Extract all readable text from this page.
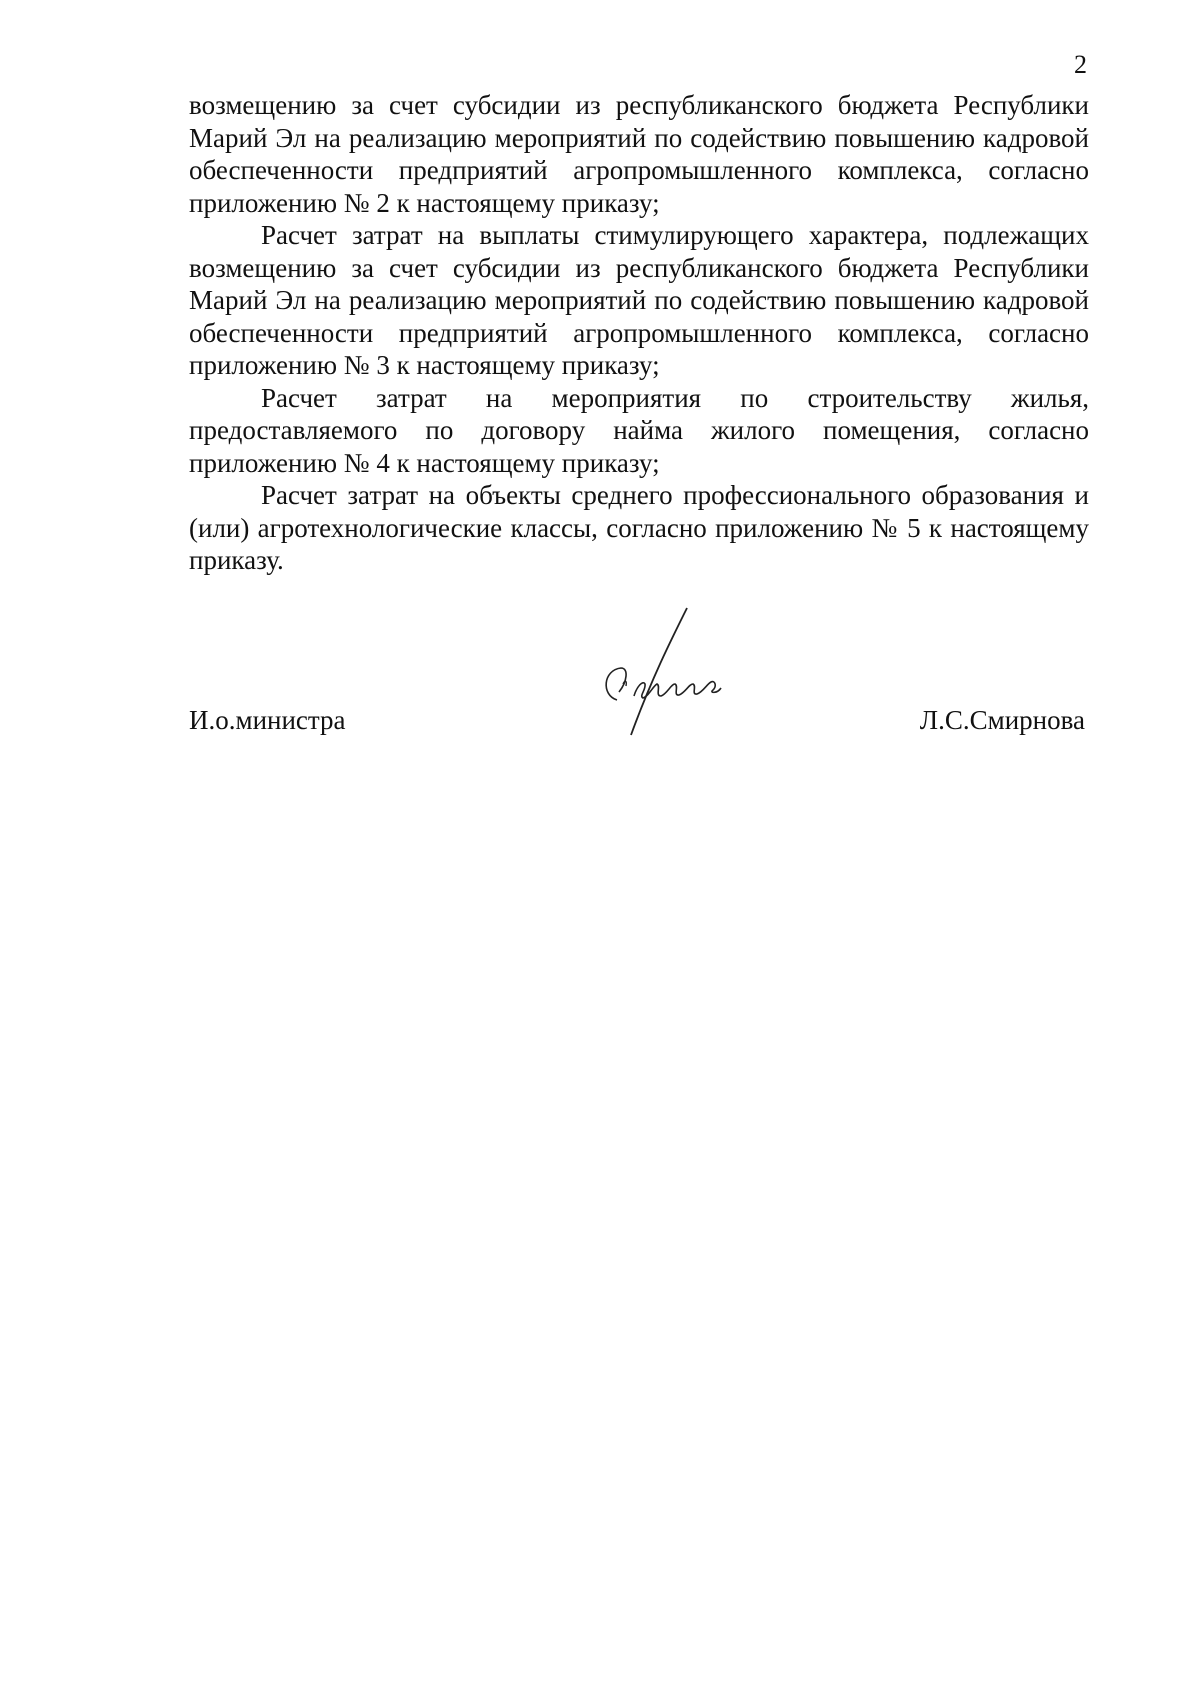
2

возмещению за счет субсидии из республиканского бюджета Республики Марий Эл на реализацию мероприятий по содействию повышению кадровой обеспеченности предприятий агропромышленного комплекса, согласно приложению № 2 к настоящему приказу;

Расчет затрат на выплаты стимулирующего характера, подлежащих возмещению за счет субсидии из республиканского бюджета Республики Марий Эл на реализацию мероприятий по содействию повышению кадровой обеспеченности предприятий агропромышленного комплекса, согласно приложению № 3 к настоящему приказу;

Расчет затрат на мероприятия по строительству жилья, предоставляемого по договору найма жилого помещения, согласно приложению № 4 к настоящему приказу;

Расчет затрат на объекты среднего профессионального образования и (или) агротехнологические классы, согласно приложению № 5 к настоящему приказу.

И.о.министра	Л.С.Смирнова
